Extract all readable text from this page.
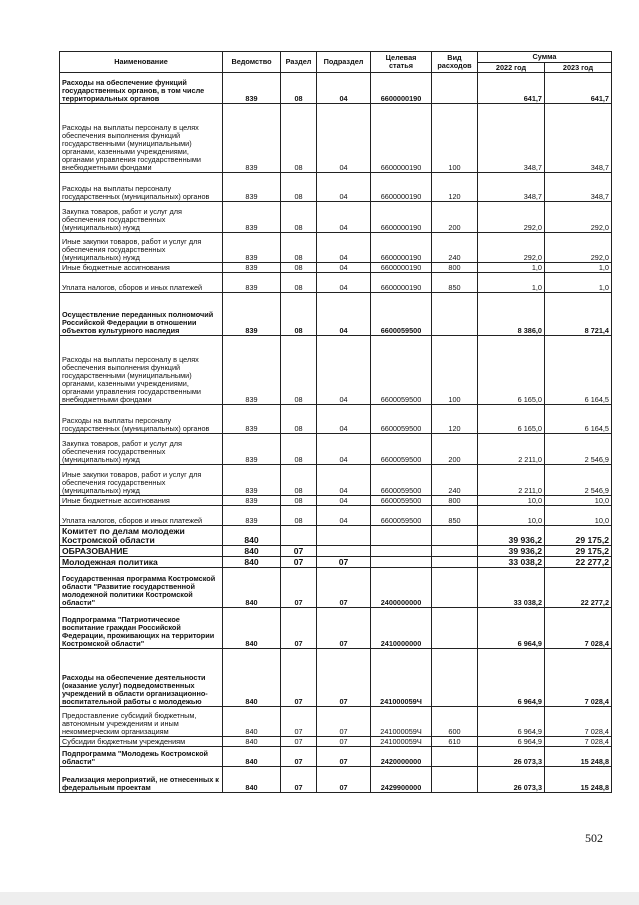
Наименование	Ведомство	Раздел	Подраздел	Целевая статья	Вид расходов	Сумма	
						2022 год	2023 год
Расходы на обеспечение функций государственных органов, в том числе территориальных органов	839	08	04	6600000190		641,7	641,7
Расходы на выплаты персоналу в целях обеспечения выполнения функций государственными (муниципальными) органами, казенными учреждениями, органами управления государственными внебюджетными фондами	839	08	04	6600000190	100	348,7	348,7
Расходы на выплаты персоналу государственных (муниципальных) органов	839	08	04	6600000190	120	348,7	348,7
Закупка товаров, работ и услуг для обеспечения государственных (муниципальных) нужд	839	08	04	6600000190	200	292,0	292,0
Иные закупки товаров, работ и услуг для обеспечения государственных (муниципальных) нужд	839	08	04	6600000190	240	292,0	292,0
Иные бюджетные ассигнования	839	08	04	6600000190	800	1,0	1,0
Уплата налогов, сборов и иных платежей	839	08	04	6600000190	850	1,0	1,0
Осуществление переданных полномочий Российской Федерации в отношении объектов культурного наследия	839	08	04	6600059500		8 386,0	8 721,4
Расходы на выплаты персоналу в целях обеспечения выполнения функций государственными (муниципальными) органами, казенными учреждениями, органами управления государственными внебюджетными фондами	839	08	04	6600059500	100	6 165,0	6 164,5
Расходы на выплаты персоналу государственных (муниципальных) органов	839	08	04	6600059500	120	6 165,0	6 164,5
Закупка товаров, работ и услуг для обеспечения государственных (муниципальных) нужд	839	08	04	6600059500	200	2 211,0	2 546,9
Иные закупки товаров, работ и услуг для обеспечения государственных (муниципальных) нужд	839	08	04	6600059500	240	2 211,0	2 546,9
Иные бюджетные ассигнования	839	08	04	6600059500	800	10,0	10,0
Уплата налогов, сборов и иных платежей	839	08	04	6600059500	850	10,0	10,0
Комитет по делам молодежи Костромской области	840					39 936,2	29 175,2
ОБРАЗОВАНИЕ	840	07				39 936,2	29 175,2
Молодежная политика	840	07	07			33 038,2	22 277,2
Государственная программа Костромской области "Развитие государственной молодежной политики Костромской области"	840	07	07	2400000000		33 038,2	22 277,2
Подпрограмма "Патриотическое воспитание граждан Российской Федерации, проживающих на территории Костромской области"	840	07	07	2410000000		6 964,9	7 028,4
Расходы на обеспечение деятельности (оказание услуг) подведомственных учреждений в области организационно-воспитательной работы с молодежью	840	07	07	241000059Ч		6 964,9	7 028,4
Предоставление субсидий бюджетным, автономным учреждениям и иным некоммерческим организациям	840	07	07	241000059Ч	600	6 964,9	7 028,4
Субсидии бюджетным учреждениям	840	07	07	241000059Ч	610	6 964,9	7 028,4
Подпрограмма "Молодежь Костромской области"	840	07	07	2420000000		26 073,3	15 248,8
Реализация мероприятий, не отнесенных к федеральным проектам	840	07	07	2429900000		26 073,3	15 248,8
502
